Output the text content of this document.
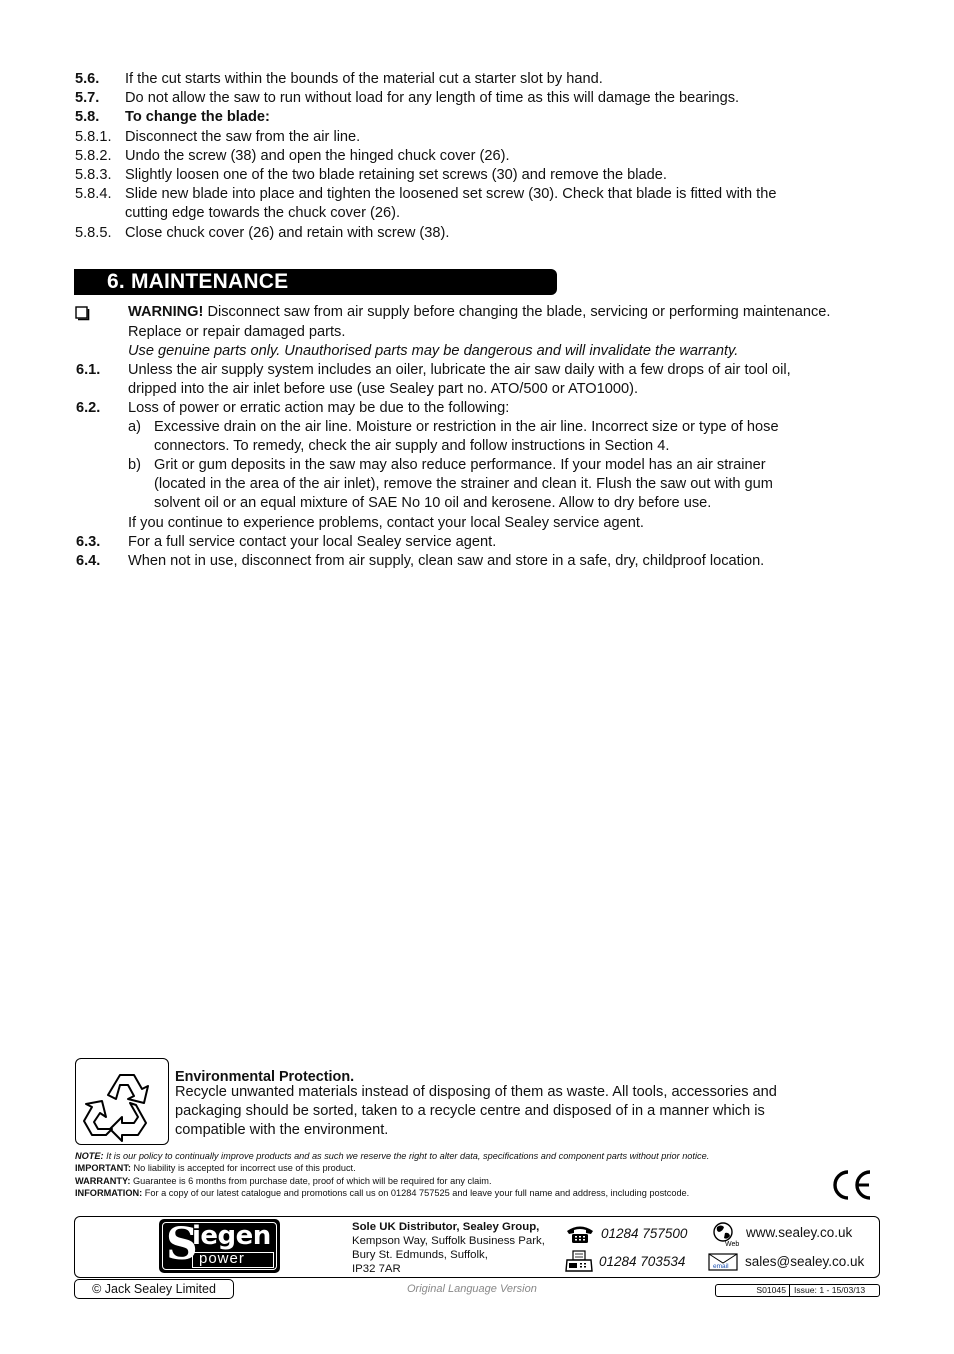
5.6. If the cut starts within the bounds of the material cut a starter slot by hand.
5.7. Do not allow the saw to run without load for any length of time as this will damage the bearings.
5.8. To change the blade:
5.8.1. Disconnect the saw from the air line.
5.8.2. Undo the screw (38) and open the hinged chuck cover (26).
5.8.3. Slightly loosen one of the two blade retaining set screws (30) and remove the blade.
5.8.4. Slide new blade into place and tighten the loosened set screw (30). Check that blade is fitted with the
cutting edge towards the chuck cover (26).
5.8.5. Close chuck cover (26) and retain with screw (38).
6. MAINTENANCE
WARNING! Disconnect saw from air supply before changing the blade, servicing or performing maintenance.
Replace or repair damaged parts.
Use genuine parts only. Unauthorised parts may be dangerous and will invalidate the warranty.
6.1. Unless the air supply system includes an oiler, lubricate the air saw daily with a few drops of air tool oil,
dripped into the air inlet before use (use Sealey part no. ATO/500 or ATO1000).
6.2. Loss of power or erratic action may be due to the following:
a) Excessive drain on the air line. Moisture or restriction in the air line. Incorrect size or type of hose
connectors. To remedy, check the air supply and follow instructions in Section 4.
b) Grit or gum deposits in the saw may also reduce performance. If your model has an air strainer
(located in the area of the air inlet), remove the strainer and clean it. Flush the saw out with gum
solvent oil or an equal mixture of SAE No 10 oil and kerosene. Allow to dry before use.
If you continue to experience problems, contact your local Sealey service agent.
6.3. For a full service contact your local Sealey service agent.
6.4. When not in use, disconnect from air supply, clean saw and store in a safe, dry, childproof location.
Environmental Protection.
Recycle unwanted materials instead of disposing of them as waste. All tools, accessories and
packaging should be sorted, taken to a recycle centre and disposed of in a manner which is
compatible with the environment.
NOTE: It is our policy to continually improve products and as such we reserve the right to alter data, specifications and component parts without prior notice.
IMPORTANT: No liability is accepted for incorrect use of this product.
WARRANTY: Guarantee is 6 months from purchase date, proof of which will be required for any claim.
INFORMATION: For a copy of our latest catalogue and promotions call us on 01284 757525 and leave your full name and address, including postcode.
S
iegen
power
Sole UK Distributor, Sealey Group,
Kempson Way, Suffolk Business Park,
Bury St. Edmunds, Suffolk,
IP32 7AR
01284 757500
01284 703534
Web
www.sealey.co.uk
email sales@sealey.co.uk
© Jack Sealey Limited	Original Language Version	S01045 Issue: 1 - 15/03/13
